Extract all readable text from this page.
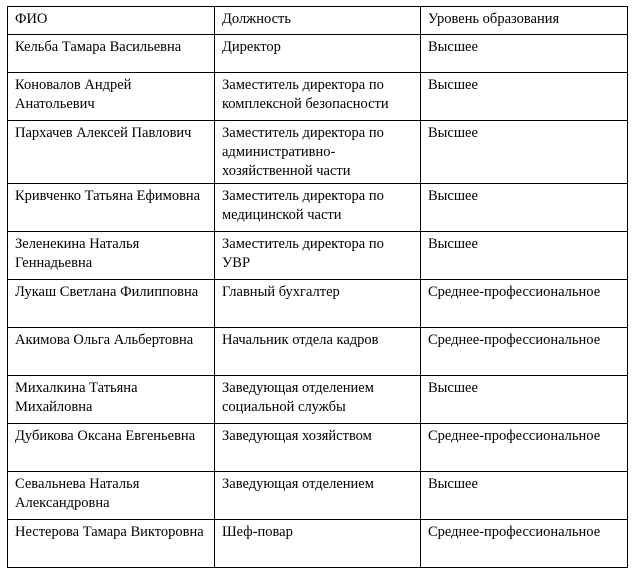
ФИО	Должность	Уровень образования
Кельба Тамара Васильевна	Директор	Высшее
Коновалов Андрей Анатольевич	Заместитель директора по комплексной безопасности	Высшее
Пархачев Алексей Павлович	Заместитель директора по административно-хозяйственной части	Высшее
Кривченко Татьяна Ефимовна	Заместитель директора по медицинской части	Высшее
Зеленекина Наталья Геннадьевна	Заместитель директора по УВР	Высшее
Лукаш Светлана Филипповна	Главный бухгалтер	Среднее-профессиональное
Акимова Ольга Альбертовна	Начальник отдела кадров	Среднее-профессиональное
Михалкина Татьяна Михайловна	Заведующая отделением социальной службы	Высшее
Дубикова Оксана Евгеньевна	Заведующая хозяйством	Среднее-профессиональное
Севальнева Наталья Александровна	Заведующая отделением	Высшее
Нестерова Тамара Викторовна	Шеф-повар	Среднее-профессиональное
